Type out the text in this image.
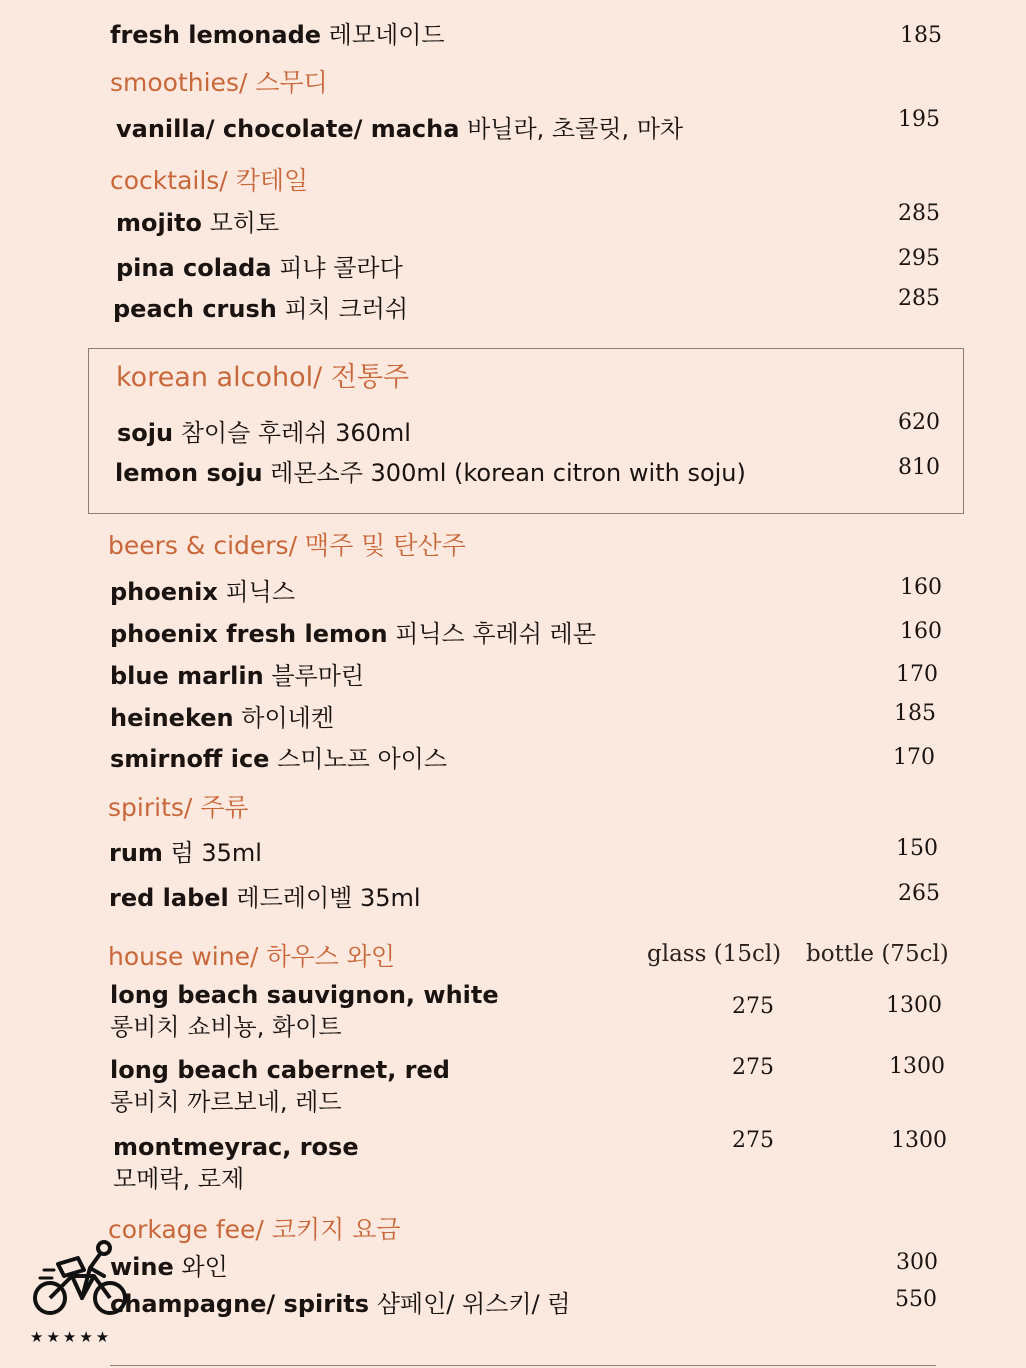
fresh lemonade 레모네이드	185
smoothies/ 스무디
vanilla/ chocolate/ macha 바닐라, 초콜릿, 마차	195
cocktails/ 칵테일
mojito 모히토	285
pina colada 피냐 콜라다	295
peach crush 피치 크러쉬	285
korean alcohol/ 전통주
soju 참이슬 후레쉬 360ml	620
lemon soju 레몬소주 300ml (korean citron with soju)	810
beers & ciders/ 맥주 및 탄산주
phoenix 피닉스	160
phoenix fresh lemon 피닉스 후레쉬 레몬	160
blue marlin 블루마린	170
heineken 하이네켄	185
smirnoff ice 스미노프 아이스	170
spirits/ 주류
rum 럼 35ml	150
red label 레드레이벨 35ml	265
house wine/ 하우스 와인	glass (15cl) bottle (75cl)
long beach sauvignon, white
롱비치 쇼비뇽, 화이트
275	1300
long beach cabernet, red
롱비치 까르보네, 레드
275	1300
montmeyrac, rose
모메락, 로제
275	1300
corkage fee/ 코키지 요금
wine 와인	300
champagne/ spirits 샴페인/ 위스키/ 럼	550
★★★★★
